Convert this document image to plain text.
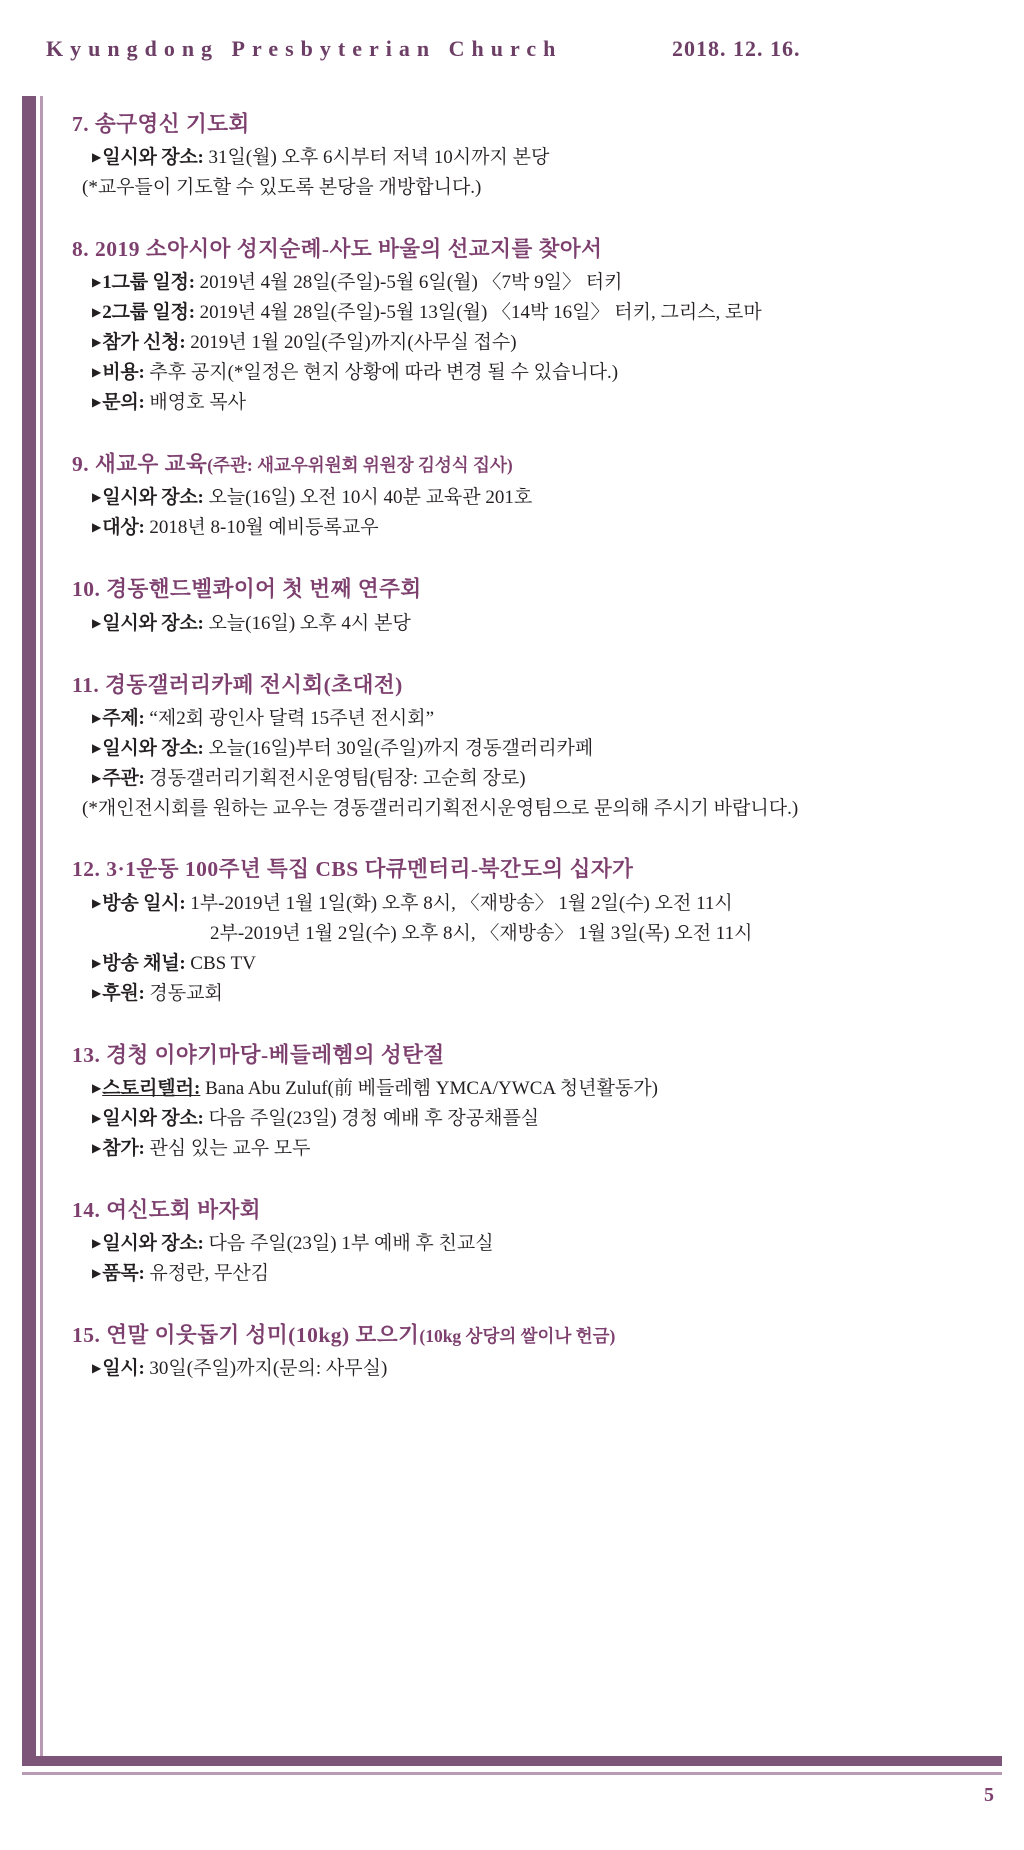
Kyungdong Presbyterian Church	2018. 12. 16.
7. 송구영신 기도회
▶일시와 장소: 31일(월) 오후 6시부터 저녁 10시까지 본당
(*교우들이 기도할 수 있도록 본당을 개방합니다.)
8. 2019 소아시아 성지순례-사도 바울의 선교지를 찾아서
▶1그룹 일정: 2019년 4월 28일(주일)-5월 6일(월) 〈7박 9일〉 터키
▶2그룹 일정: 2019년 4월 28일(주일)-5월 13일(월) 〈14박 16일〉 터키, 그리스, 로마
▶참가 신청: 2019년 1월 20일(주일)까지(사무실 접수)
▶비용: 추후 공지(*일정은 현지 상황에 따라 변경 될 수 있습니다.)
▶문의: 배영호 목사
9. 새교우 교육(주관: 새교우위원회 위원장 김성식 집사)
▶일시와 장소: 오늘(16일) 오전 10시 40분 교육관 201호
▶대상: 2018년 8-10월 예비등록교우
10. 경동핸드벨콰이어 첫 번째 연주회
▶일시와 장소: 오늘(16일) 오후 4시 본당
11. 경동갤러리카페 전시회(초대전)
▶주제: “제2회 광인사 달력 15주년 전시회”
▶일시와 장소: 오늘(16일)부터 30일(주일)까지 경동갤러리카페
▶주관: 경동갤러리기획전시운영팀(팀장: 고순희 장로)
(*개인전시회를 원하는 교우는 경동갤러리기획전시운영팀으로 문의해 주시기 바랍니다.)
12. 3·1운동 100주년 특집 CBS 다큐멘터리-북간도의 십자가
▶방송 일시: 1부-2019년 1월 1일(화) 오후 8시, 〈재방송〉 1월 2일(수) 오전 11시
2부-2019년 1월 2일(수) 오후 8시, 〈재방송〉 1월 3일(목) 오전 11시
▶방송 채널: CBS TV
▶후원: 경동교회
13. 경청 이야기마당-베들레헴의 성탄절
▶스토리텔러: Bana Abu Zuluf(前 베들레헴 YMCA/YWCA 청년활동가)
▶일시와 장소: 다음 주일(23일) 경청 예배 후 장공채플실
▶참가: 관심 있는 교우 모두
14. 여신도회 바자회
▶일시와 장소: 다음 주일(23일) 1부 예배 후 친교실
▶품목: 유정란, 무산김
15. 연말 이웃돕기 성미(10kg) 모으기(10kg 상당의 쌀이나 헌금)
▶일시: 30일(주일)까지(문의: 사무실)
5
